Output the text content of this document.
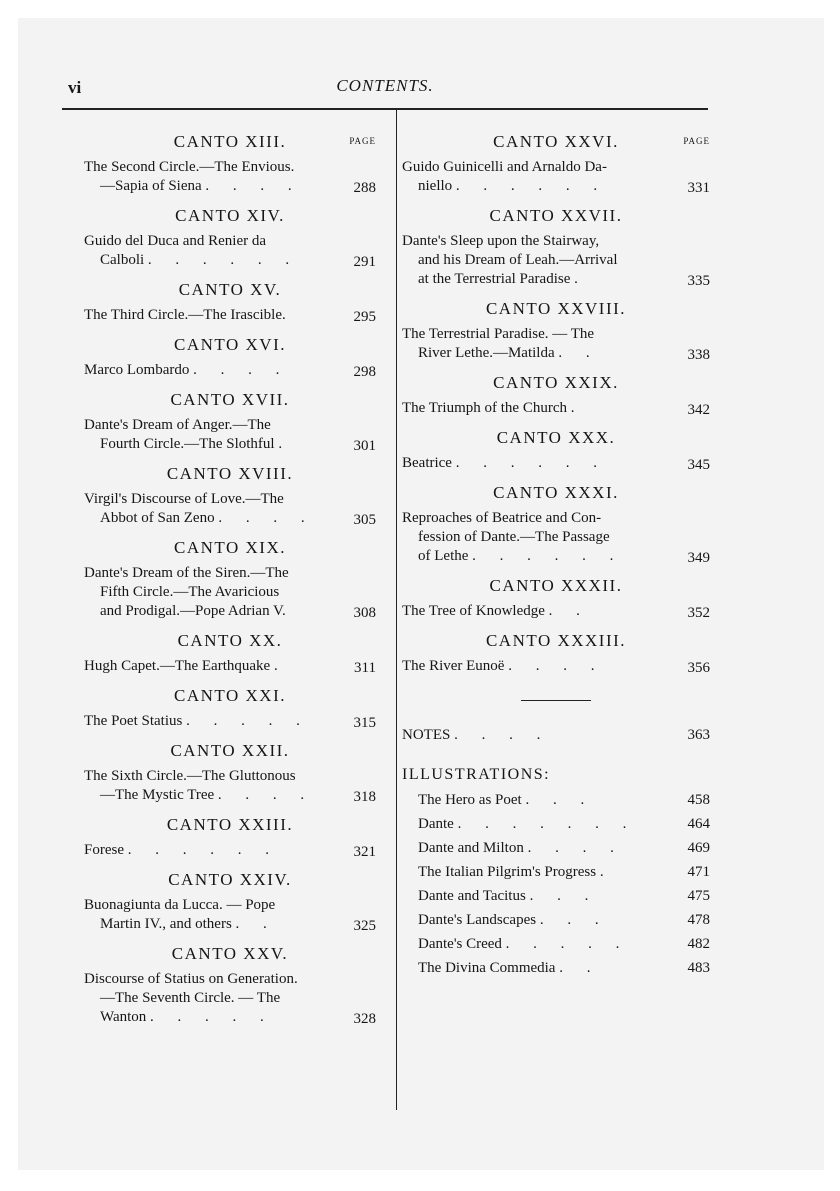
vi	CONTENTS.
CANTO XIII.	PAGE
The Second Circle.—The Envious.
—Sapia of Siena . . . .	288
CANTO XIV.
Guido del Duca and Renier da
Calboli . . . . . .	291
CANTO XV.
The Third Circle.—The Irascible.	295
CANTO XVI.
Marco Lombardo . . . .	298
CANTO XVII.
Dante's Dream of Anger.—The
Fourth Circle.—The Slothful .	301
CANTO XVIII.
Virgil's Discourse of Love.—The
Abbot of San Zeno . . . .	305
CANTO XIX.
Dante's Dream of the Siren.—The
Fifth Circle.—The Avaricious
and Prodigal.—Pope Adrian V.	308
CANTO XX.
Hugh Capet.—The Earthquake .	311
CANTO XXI.
The Poet Statius . . . . .	315
CANTO XXII.
The Sixth Circle.—The Gluttonous
—The Mystic Tree . . . .	318
CANTO XXIII.
Forese . . . . . .	321
CANTO XXIV.
Buonagiunta da Lucca. — Pope
Martin IV., and others . .	325
CANTO XXV.
Discourse of Statius on Generation.
—The Seventh Circle. — The
Wanton . . . . .	328
CANTO XXVI.	PAGE
Guido Guinicelli and Arnaldo Da-
niello . . . . . .	331
CANTO XXVII.
Dante's Sleep upon the Stairway,
and his Dream of Leah.—Arrival
at the Terrestrial Paradise .	335
CANTO XXVIII.
The Terrestrial Paradise. — The
River Lethe.—Matilda . .	338
CANTO XXIX.
The Triumph of the Church .	342
CANTO XXX.
Beatrice . . . . . .	345
CANTO XXXI.
Reproaches of Beatrice and Con-
fession of Dante.—The Passage
of Lethe . . . . . .	349
CANTO XXXII.
The Tree of Knowledge . .	352
CANTO XXXIII.
The River Eunoë . . . .	356
NOTES . . . .	363
ILLUSTRATIONS:
The Hero as Poet . . .	458
Dante . . . . . . .	464
Dante and Milton . . . .	469
The Italian Pilgrim's Progress .	471
Dante and Tacitus . . .	475
Dante's Landscapes . . .	478
Dante's Creed . . . . .	482
The Divina Commedia . .	483
